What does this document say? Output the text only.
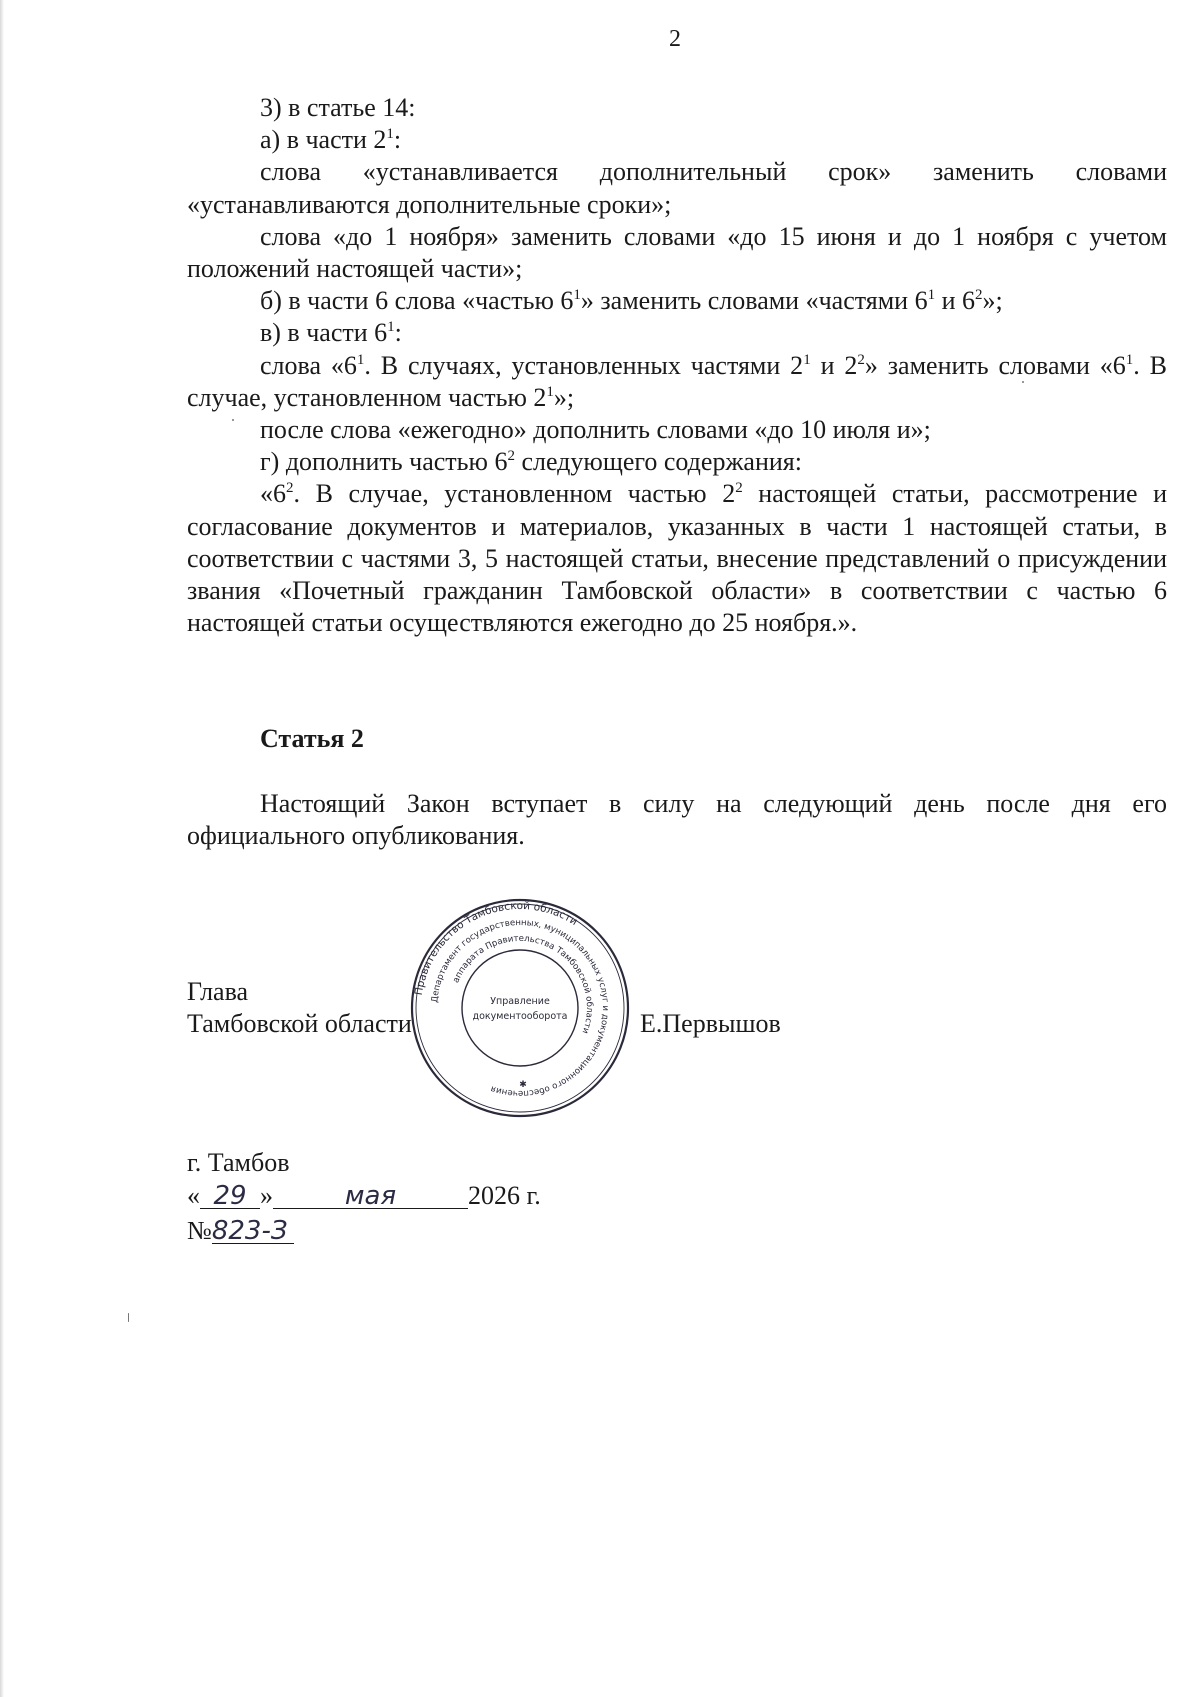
2

3) в статье 14:

а) в части $2^1$:

слова «устанавливается дополнительный срок» заменить словами

«устанавливаются дополнительные сроки»;

слова «до 1 ноября» заменить словами «до 15 июня и до 1 ноября с учетом положений настоящей части»;

б) в части 6 слова «частью $6^1$» заменить словами «частями $6^1$ и $6^2$»;

в) в части $6^1$:

слова «$6^1$. В случаях, установленных частями $2^1$ и $2^2$» заменить словами «$6^1$. В случае, установленном частью $2^1$»;

после слова «ежегодно» дополнить словами «до 10 июля и»;

г) дополнить частью $6^2$ следующего содержания:

«$6^2$. В случае, установленном частью $2^2$ настоящей статьи, рассмотрение и согласование документов и материалов, указанных в части 1 настоящей статьи, в соответствии с частями 3, 5 настоящей статьи, внесение представлений о присуждении звания «Почетный гражданин Тамбовской области» в соответствии с частью 6 настоящей статьи осуществляются ежегодно до 25 ноября.».

Статья 2

Настоящий Закон вступает в силу на следующий день после дня его официального опубликования.

Глава
Тамбовской области
Правительство Тамбовской области
Департамент государственных, муниципальных услуг и документационного обеспечения
аппарата Правительства Тамбовской области
Управление
документооборота
✱
Е.Первышов
г. Тамбов
« 29 »	мая	2026 г.
№823-З
